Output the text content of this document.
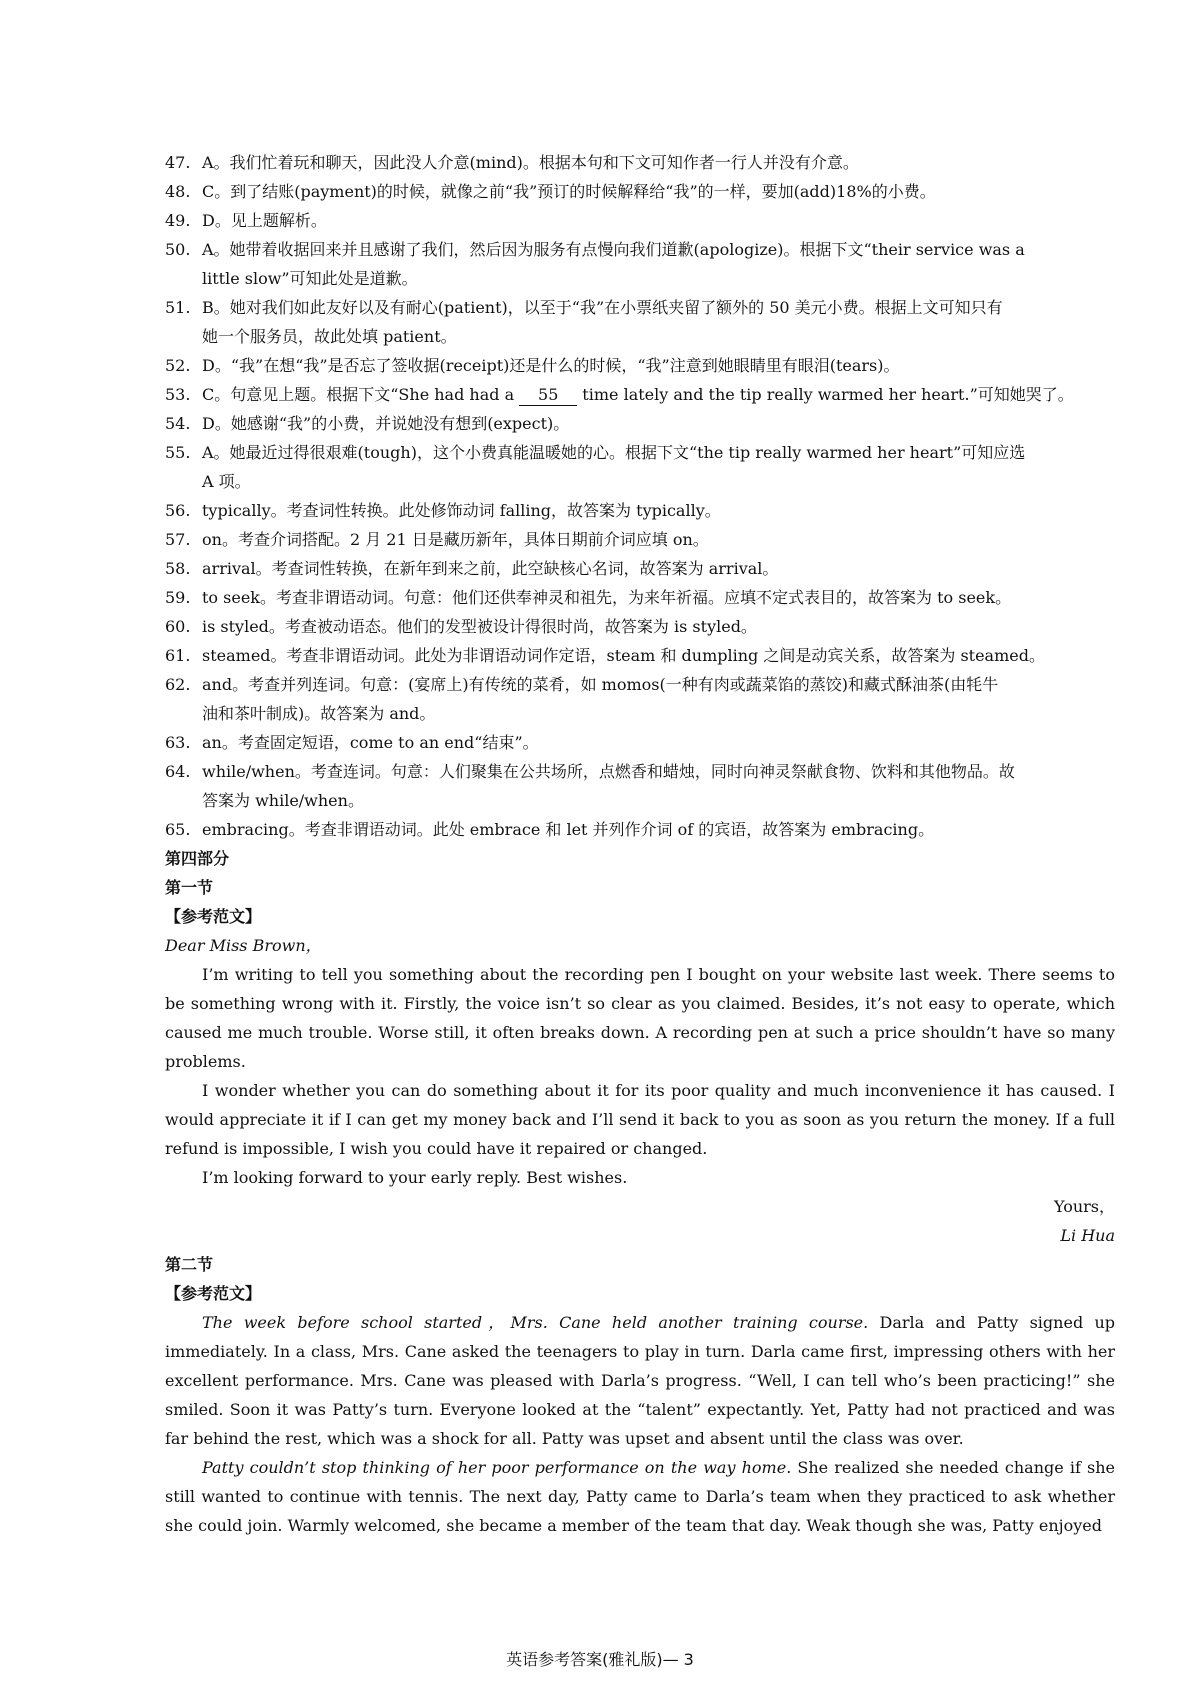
47. A。我们忙着玩和聊天，因此没人介意(mind)。根据本句和下文可知作者一行人并没有介意。
48. C。到了结账(payment)的时候，就像之前“我”预订的时候解释给“我”的一样，要加(add)18%的小费。
49. D。见上题解析。
50. A。她带着收据回来并且感谢了我们，然后因为服务有点慢向我们道歉(apologize)。根据下文“their service was a
little slow”可知此处是道歉。
51. B。她对我们如此友好以及有耐心(patient)，以至于“我”在小票纸夹留了额外的 50 美元小费。根据上文可知只有
她一个服务员，故此处填 patient。
52. D。“我”在想“我”是否忘了签收据(receipt)还是什么的时候，“我”注意到她眼睛里有眼泪(tears)。
53. C。句意见上题。根据下文“She had had a 55 time lately and the tip really warmed her heart.”可知她哭了。
54. D。她感谢“我”的小费，并说她没有想到(expect)。
55. A。她最近过得很艰难(tough)，这个小费真能温暖她的心。根据下文“the tip really warmed her heart”可知应选
A 项。
56. typically。考查词性转换。此处修饰动词 falling，故答案为 typically。
57. on。考查介词搭配。2 月 21 日是藏历新年，具体日期前介词应填 on。
58. arrival。考查词性转换，在新年到来之前，此空缺核心名词，故答案为 arrival。
59. to seek。考查非谓语动词。句意：他们还供奉神灵和祖先，为来年祈福。应填不定式表目的，故答案为 to seek。
60. is styled。考查被动语态。他们的发型被设计得很时尚，故答案为 is styled。
61. steamed。考查非谓语动词。此处为非谓语动词作定语，steam 和 dumpling 之间是动宾关系，故答案为 steamed。
62. and。考查并列连词。句意：(宴席上)有传统的菜肴，如 momos(一种有肉或蔬菜馅的蒸饺)和藏式酥油茶(由牦牛
油和茶叶制成)。故答案为 and。
63. an。考查固定短语，come to an end“结束”。
64. while/when。考查连词。句意：人们聚集在公共场所，点燃香和蜡烛，同时向神灵祭献食物、饮料和其他物品。故
答案为 while/when。
65. embracing。考查非谓语动词。此处 embrace 和 let 并列作介词 of 的宾语，故答案为 embracing。
第四部分
第一节
【参考范文】
Dear Miss Brown，
I’m writing to tell you something about the recording pen I bought on your website last week. There seems to be something wrong with it. Firstly, the voice isn’t so clear as you claimed. Besides, it’s not easy to operate, which caused me much trouble. Worse still, it often breaks down. A recording pen at such a price shouldn’t have so many problems.
I wonder whether you can do something about it for its poor quality and much inconvenience it has caused. I would appreciate it if I can get my money back and I’ll send it back to you as soon as you return the money. If a full refund is impossible, I wish you could have it repaired or changed.
I’m looking forward to your early reply. Best wishes.
Yours，
Li Hua
第二节
【参考范文】
The week before school started，Mrs. Cane held another training course. Darla and Patty signed up immediately. In a class, Mrs. Cane asked the teenagers to play in turn. Darla came first, impressing others with her excellent performance. Mrs. Cane was pleased with Darla’s progress. “Well, I can tell who’s been practicing!” she smiled. Soon it was Patty’s turn. Everyone looked at the “talent” expectantly. Yet, Patty had not practiced and was far behind the rest, which was a shock for all. Patty was upset and absent until the class was over.
Patty couldn’t stop thinking of her poor performance on the way home. She realized she needed change if she still wanted to continue with tennis. The next day, Patty came to Darla’s team when they practiced to ask whether she could join. Warmly welcomed, she became a member of the team that day. Weak though she was, Patty enjoyed
英语参考答案(雅礼版)— 3
